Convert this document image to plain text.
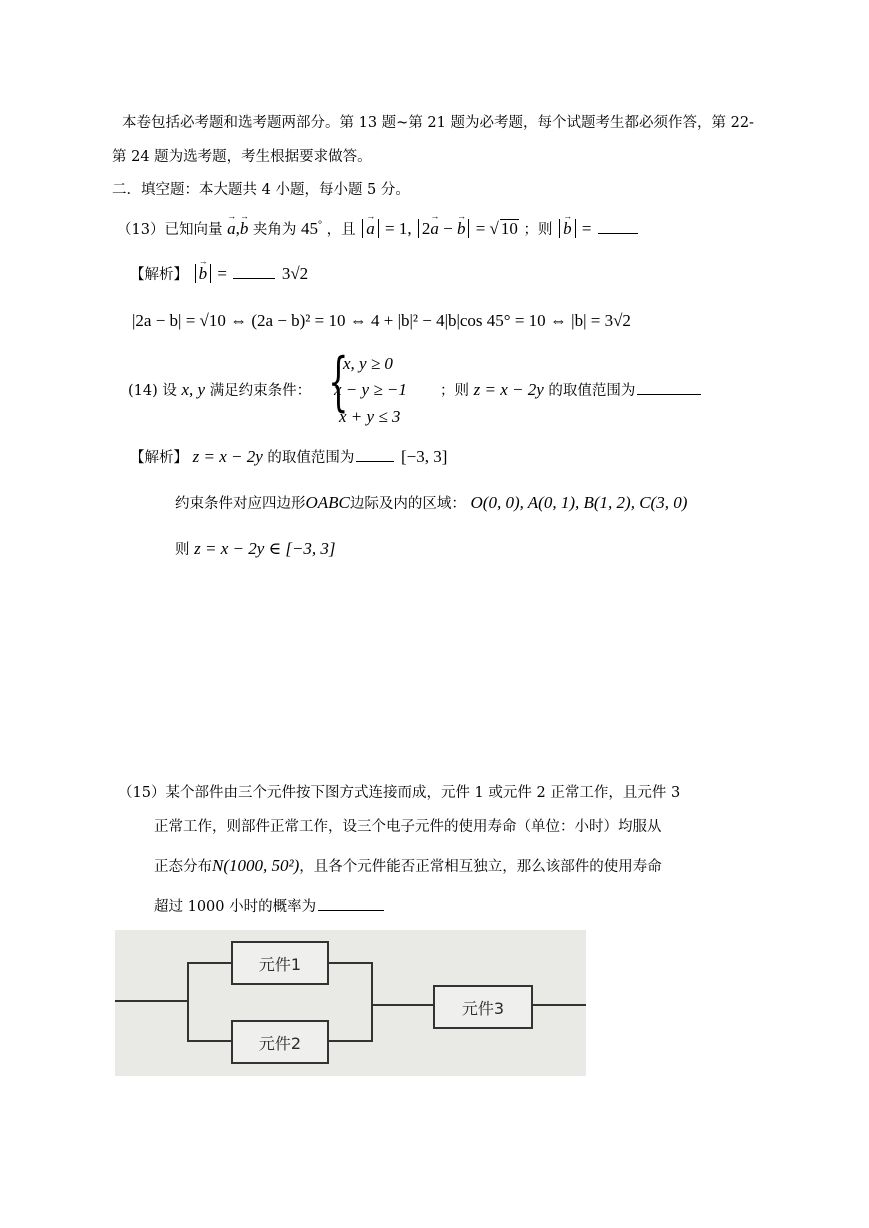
本卷包括必考题和选考题两部分。第 13 题~第 21 题为必考题，每个试题考生都必须作答，第 22-
第 24 题为选考题，考生根据要求做答。
二．填空题：本大题共 4 小题，每小题 5 分。
（13）已知向量 → a,→ b 夹角为 45° ，且 → a = 1, 2→ a − → b = √ 10 ；则 → b =
【解析】 → b =	3√2
|2a − b| = √10 ⇔ (2a − b)² = 10 ⇔ 4 + |b|² − 4|b|cos 45° = 10 ⇔ |b| = 3√2
(14) 设 x, y 满足约束条件： {
x, y ≥ 0
x − y ≥ −1
x + y ≤ 3
；则 z = x − 2y 的取值范围为
【解析】 z = x − 2y 的取值范围为	[−3, 3]
约束条件对应四边形OABC边际及内的区域： O(0, 0), A(0, 1), B(1, 2), C(3, 0)
则 z = x − 2y ∈ [−3, 3]
（15）某个部件由三个元件按下图方式连接而成，元件 1 或元件 2 正常工作，且元件 3
正常工作，则部件正常工作，设三个电子元件的使用寿命（单位：小时）均服从
正态分布N(1000, 50²)，且各个元件能否正常相互独立，那么该部件的使用寿命
超过 1000 小时的概率为
元件1
元件2
元件3
